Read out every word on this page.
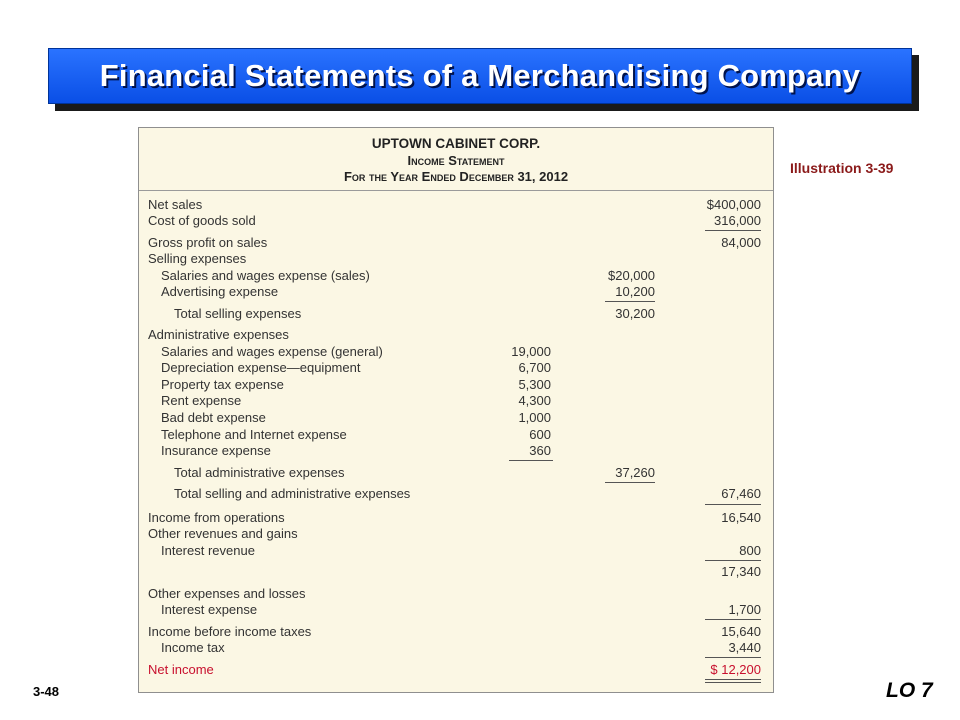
Financial Statements of a Merchandising Company
Illustration 3-39
UPTOWN CABINET CORP.
Income Statement
For the Year Ended December 31, 2012
Net sales	$400,000
Cost of goods sold	316,000
Gross profit on sales	84,000
Selling expenses
Salaries and wages expense (sales)	$20,000
Advertising expense	10,200
Total selling expenses	30,200
Administrative expenses
Salaries and wages expense (general)	19,000
Depreciation expense—equipment	6,700
Property tax expense	5,300
Rent expense	4,300
Bad debt expense	1,000
Telephone and Internet expense	600
Insurance expense	360
Total administrative expenses	37,260
Total selling and administrative expenses	67,460
Income from operations	16,540
Other revenues and gains
Interest revenue	800
17,340
Other expenses and losses
Interest expense	1,700
Income before income taxes	15,640
Income tax	3,440
Net income	$ 12,200
3-48	LO 7
